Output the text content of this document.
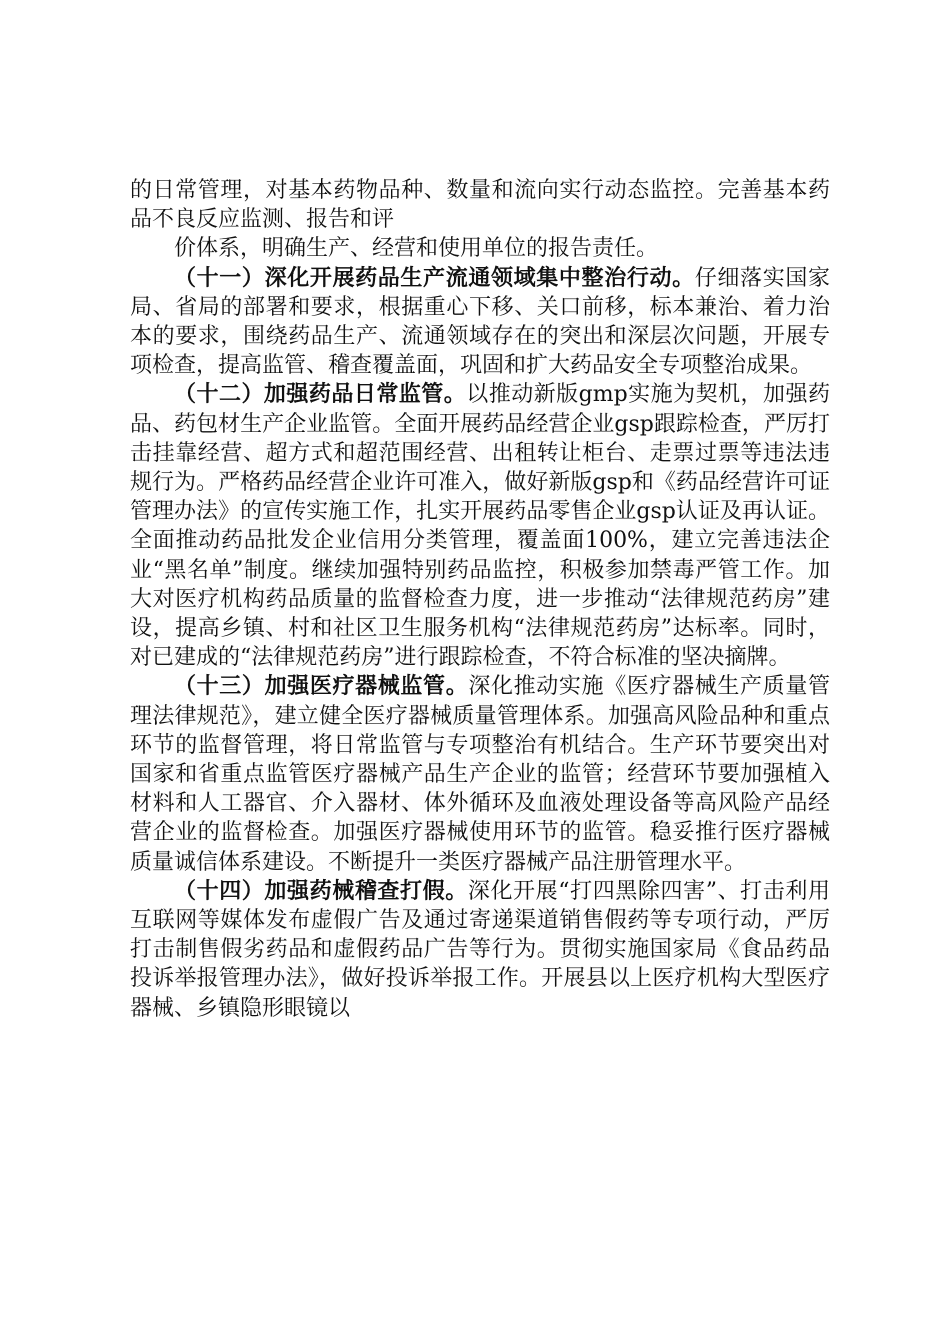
的日常管理，对基本药物品种、数量和流向实行动态监控。完善基本药品不良反应监测、报告和评

价体系，明确生产、经营和使用单位的报告责任。

（十一）深化开展药品生产流通领域集中整治行动。仔细落实国家局、省局的部署和要求，根据重心下移、关口前移，标本兼治、着力治本的要求，围绕药品生产、流通领域存在的突出和深层次问题，开展专项检查，提高监管、稽查覆盖面，巩固和扩大药品安全专项整治成果。

（十二）加强药品日常监管。以推动新版gmp实施为契机，加强药品、药包材生产企业监管。全面开展药品经营企业gsp跟踪检查，严厉打击挂靠经营、超方式和超范围经营、出租转让柜台、走票过票等违法违规行为。严格药品经营企业许可准入，做好新版gsp和《药品经营许可证管理办法》的宣传实施工作，扎实开展药品零售企业gsp认证及再认证。全面推动药品批发企业信用分类管理，覆盖面100%，建立完善违法企业“黑名单”制度。继续加强特别药品监控，积极参加禁毒严管工作。加大对医疗机构药品质量的监督检查力度，进一步推动“法律规范药房”建设，提高乡镇、村和社区卫生服务机构“法律规范药房”达标率。同时，对已建成的“法律规范药房”进行跟踪检查，不符合标准的坚决摘牌。

（十三）加强医疗器械监管。深化推动实施《医疗器械生产质量管理法律规范》，建立健全医疗器械质量管理体系。加强高风险品种和重点环节的监督管理，将日常监管与专项整治有机结合。生产环节要突出对国家和省重点监管医疗器械产品生产企业的监管；经营环节要加强植入材料和人工器官、介入器材、体外循环及血液处理设备等高风险产品经营企业的监督检查。加强医疗器械使用环节的监管。稳妥推行医疗器械质量诚信体系建设。不断提升一类医疗器械产品注册管理水平。

（十四）加强药械稽查打假。深化开展“打四黑除四害”、打击利用互联网等媒体发布虚假广告及通过寄递渠道销售假药等专项行动，严厉打击制售假劣药品和虚假药品广告等行为。贯彻实施国家局《食品药品投诉举报管理办法》，做好投诉举报工作。开展县以上医疗机构大型医疗器械、乡镇隐形眼镜以
